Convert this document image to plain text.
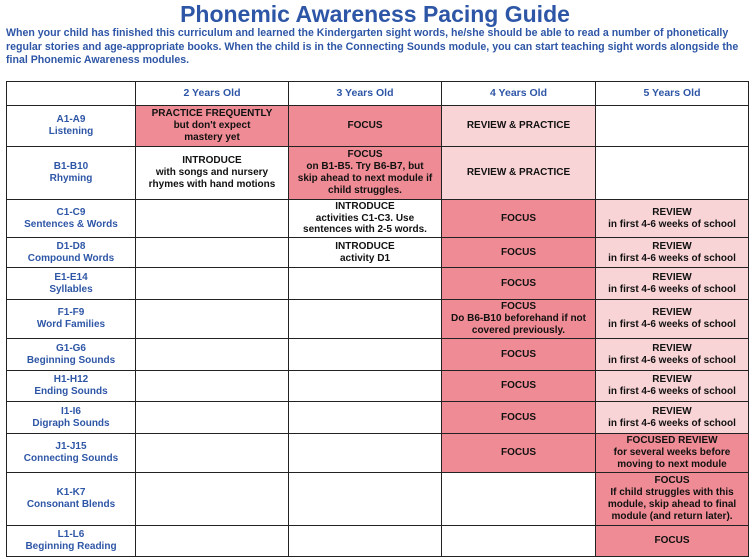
Phonemic Awareness Pacing Guide
When your child has finished this curriculum and learned the Kindergarten sight words, he/she should be able to read a number of phonetically regular stories and age-appropriate books. When the child is in the Connecting Sounds module, you can start teaching sight words alongside the final Phonemic Awareness modules.
	2 Years Old	3 Years Old	4 Years Old	5 Years Old

A1-A9
Listening	PRACTICE FREQUENTLY
but don't expect
mastery yet	FOCUS	REVIEW & PRACTICE	

B1-B10
Rhyming	INTRODUCE
with songs and nursery
rhymes with hand motions	FOCUS
on B1-B5. Try B6-B7, but
skip ahead to next module if
child struggles.	REVIEW & PRACTICE	

C1-C9
Sentences & Words		INTRODUCE
activities C1-C3. Use
sentences with 2-5 words.	FOCUS	REVIEW
in first 4-6 weeks of school

D1-D8
Compound Words		INTRODUCE
activity D1	FOCUS	REVIEW
in first 4-6 weeks of school

E1-E14
Syllables			FOCUS	REVIEW
in first 4-6 weeks of school

F1-F9
Word Families			FOCUS
Do B6-B10 beforehand if not
covered previously.	REVIEW
in first 4-6 weeks of school

G1-G6
Beginning Sounds			FOCUS	REVIEW
in first 4-6 weeks of school

H1-H12
Ending Sounds			FOCUS	REVIEW
in first 4-6 weeks of school

I1-I6
Digraph Sounds			FOCUS	REVIEW
in first 4-6 weeks of school

J1-J15
Connecting Sounds			FOCUS	FOCUSED REVIEW
for several weeks before
moving to next module

K1-K7
Consonant Blends				FOCUS
If child struggles with this
module, skip ahead to final
module (and return later).

L1-L6
Beginning Reading				FOCUS
